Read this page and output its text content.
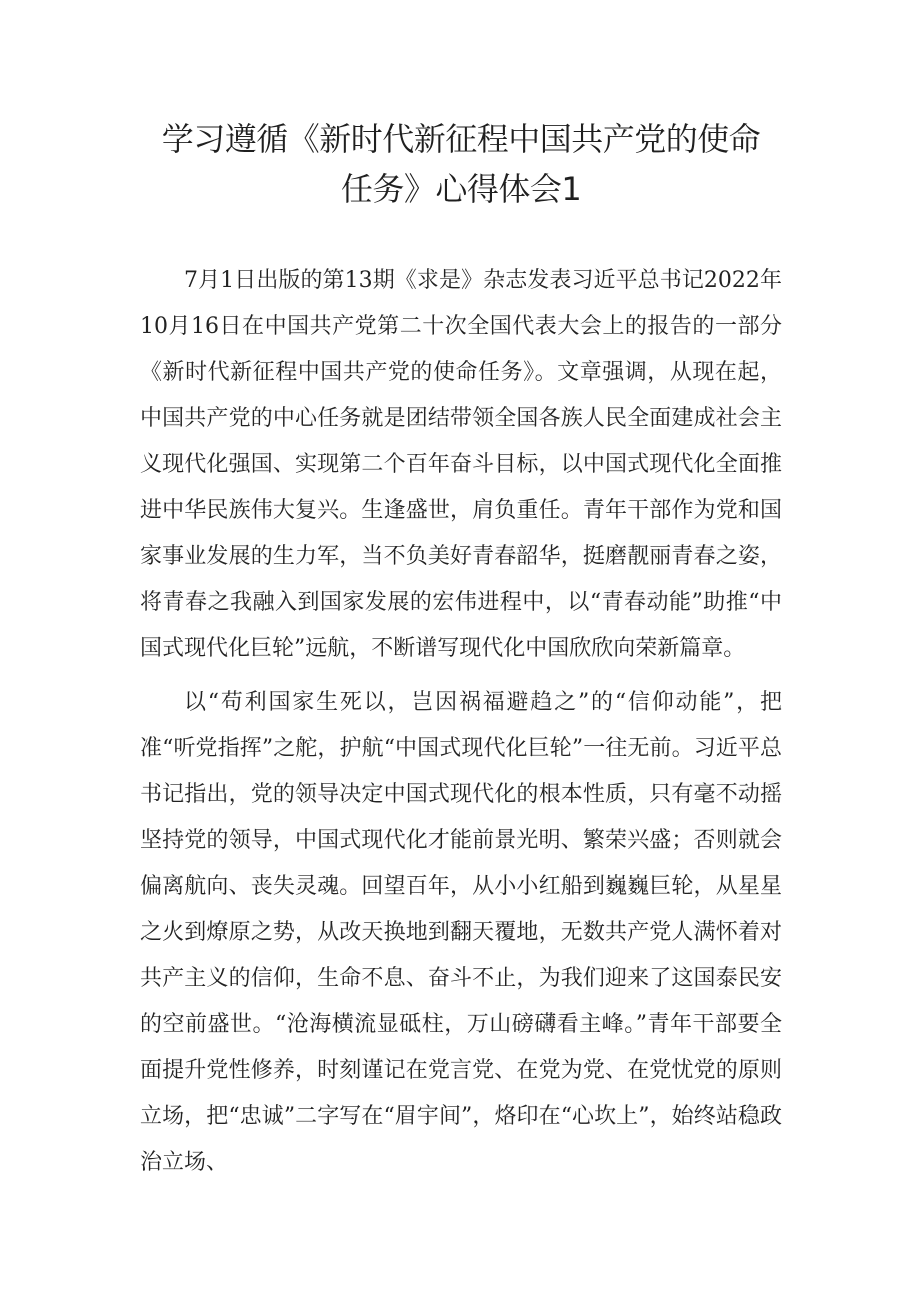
学习遵循《新时代新征程中国共产党的使命
任务》心得体会1

7月1日出版的第13期《求是》杂志发表习近平总书记2022年10月16日在中国共产党第二十次全国代表大会上的报告的一部分《新时代新征程中国共产党的使命任务》。文章强调，从现在起，中国共产党的中心任务就是团结带领全国各族人民全面建成社会主义现代化强国、实现第二个百年奋斗目标，以中国式现代化全面推进中华民族伟大复兴。生逢盛世，肩负重任。青年干部作为党和国家事业发展的生力军，当不负美好青春韶华，挺磨靓丽青春之姿，将青春之我融入到国家发展的宏伟进程中，以“青春动能”助推“中国式现代化巨轮”远航，不断谱写现代化中国欣欣向荣新篇章。

以“苟利国家生死以，岂因祸福避趋之”的“信仰动能”，把准“听党指挥”之舵，护航“中国式现代化巨轮”一往无前。习近平总书记指出，党的领导决定中国式现代化的根本性质，只有毫不动摇坚持党的领导，中国式现代化才能前景光明、繁荣兴盛；否则就会偏离航向、丧失灵魂。回望百年，从小小红船到巍巍巨轮，从星星之火到燎原之势，从改天换地到翻天覆地，无数共产党人满怀着对共产主义的信仰，生命不息、奋斗不止，为我们迎来了这国泰民安的空前盛世。“沧海横流显砥柱，万山磅礴看主峰。”青年干部要全面提升党性修养，时刻谨记在党言党、在党为党、在党忧党的原则立场，把“忠诚”二字写在“眉宇间”，烙印在“心坎上”，始终站稳政治立场、
